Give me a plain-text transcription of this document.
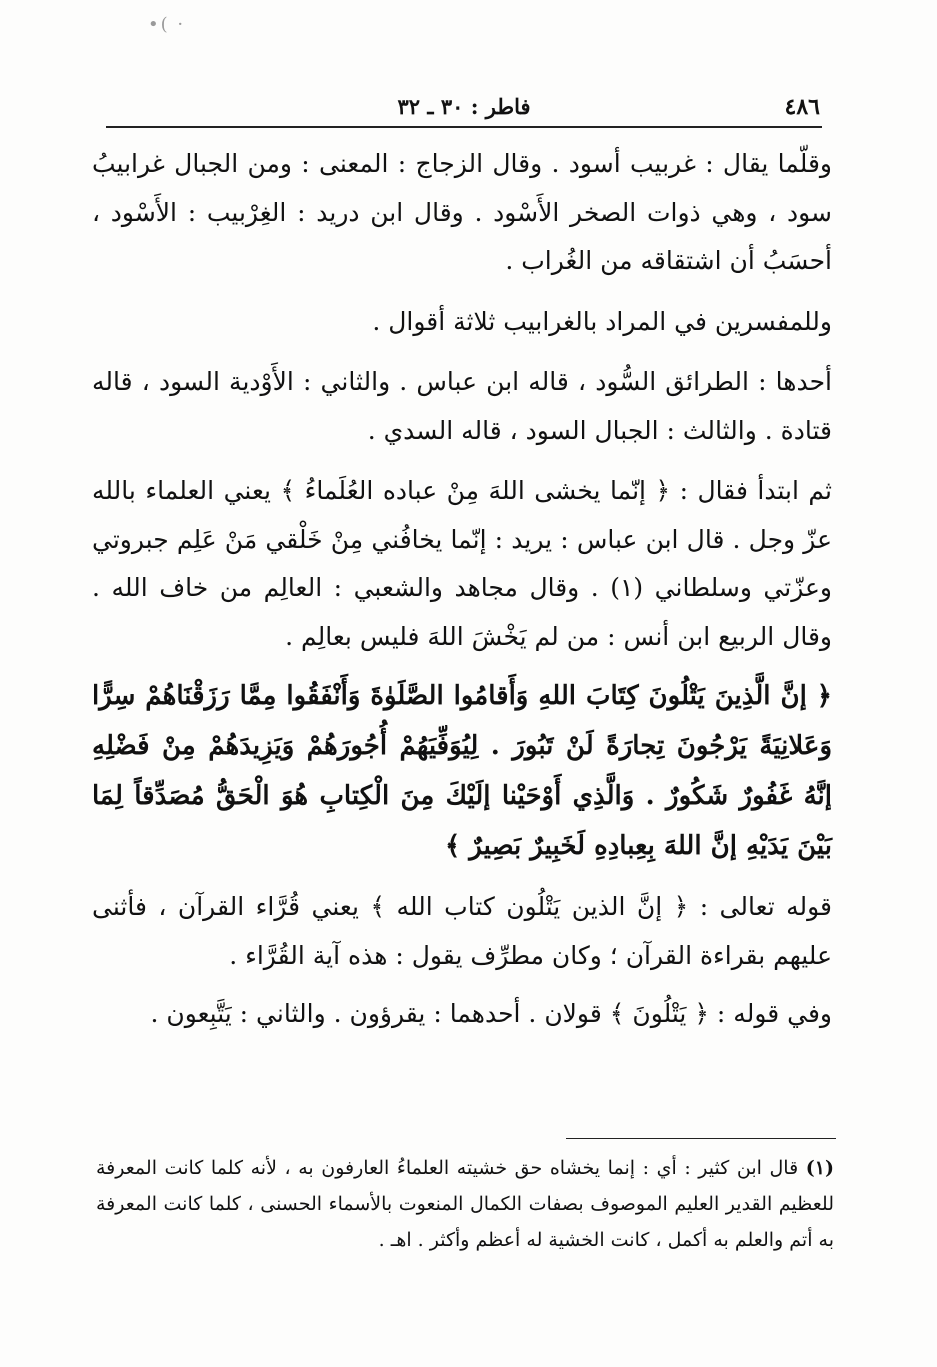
•( ·
٤٨٦
فاطر : ٣٠ ـ ٣٢

وقلّما يقال : غربيب أسود . وقال الزجاج : المعنى : ومن الجبال غرابيبُ سود ، وهي ذوات الصخر الأَسْود . وقال ابن دريد : الغِرْبيب : الأَسْود ، أحسَبُ أن اشتقاقه من الغُراب .

وللمفسرين في المراد بالغرابيب ثلاثة أقوال .

أحدها : الطرائق السُّود ، قاله ابن عباس . والثاني : الأَوْدية السود ، قاله قتادة . والثالث : الجبال السود ، قاله السدي .

ثم ابتدأ فقال : ﴿ إنّما يخشى اللهَ مِنْ عباده العُلَماءُ ﴾ يعني العلماء بالله عزّ وجل . قال ابن عباس : يريد : إنّما يخافُني مِنْ خَلْقي مَنْ عَلِم جبروتي وعزّتي وسلطاني (١) . وقال مجاهد والشعبي : العالِم من خاف الله . وقال الربيع ابن أنس : من لم يَخْشَ اللهَ فليس بعالِم .

﴿ إنَّ الَّذِينَ يَتْلُونَ كِتَابَ اللهِ وَأَقامُوا الصَّلَوٰةَ وَأَنْفَقُوا مِمَّا رَزَقْنَاهُمْ سِرًّا وَعَلانِيَةً يَرْجُونَ تِجارَةً لَنْ تَبُورَ . لِيُوَفِّيَهُمْ أُجُورَهُمْ وَيَزِيدَهُمْ مِنْ فَضْلِهِ إنَّهُ غَفُورٌ شَكُورٌ . وَالَّذِي أَوْحَيْنا إلَيْكَ مِنَ الْكِتابِ هُوَ الْحَقُّ مُصَدِّقاً لِمَا بَيْنَ يَدَيْهِ إنَّ اللهَ بِعِبادِهِ لَخَبِيرٌ بَصِيرٌ ﴾

قوله تعالى : ﴿ إنَّ الذين يَتْلُون كتاب الله ﴾ يعني قُرَّاء القرآن ، فأثنى عليهم بقراءة القرآن ؛ وكان مطرِّف يقول : هذه آية القُرَّاء .

وفي قوله : ﴿ يَتْلُونَ ﴾ قولان . أحدهما : يقرؤون . والثاني : يَتَّبِعون .

(١) قال ابن كثير : أي : إنما يخشاه حق خشيته العلماءُ العارفون به ، لأنه كلما كانت المعرفة للعظيم القدير العليم الموصوف بصفات الكمال المنعوت بالأسماء الحسنى ، كلما كانت المعرفة به أتم والعلم به أكمل ، كانت الخشية له أعظم وأكثر . اهـ .
